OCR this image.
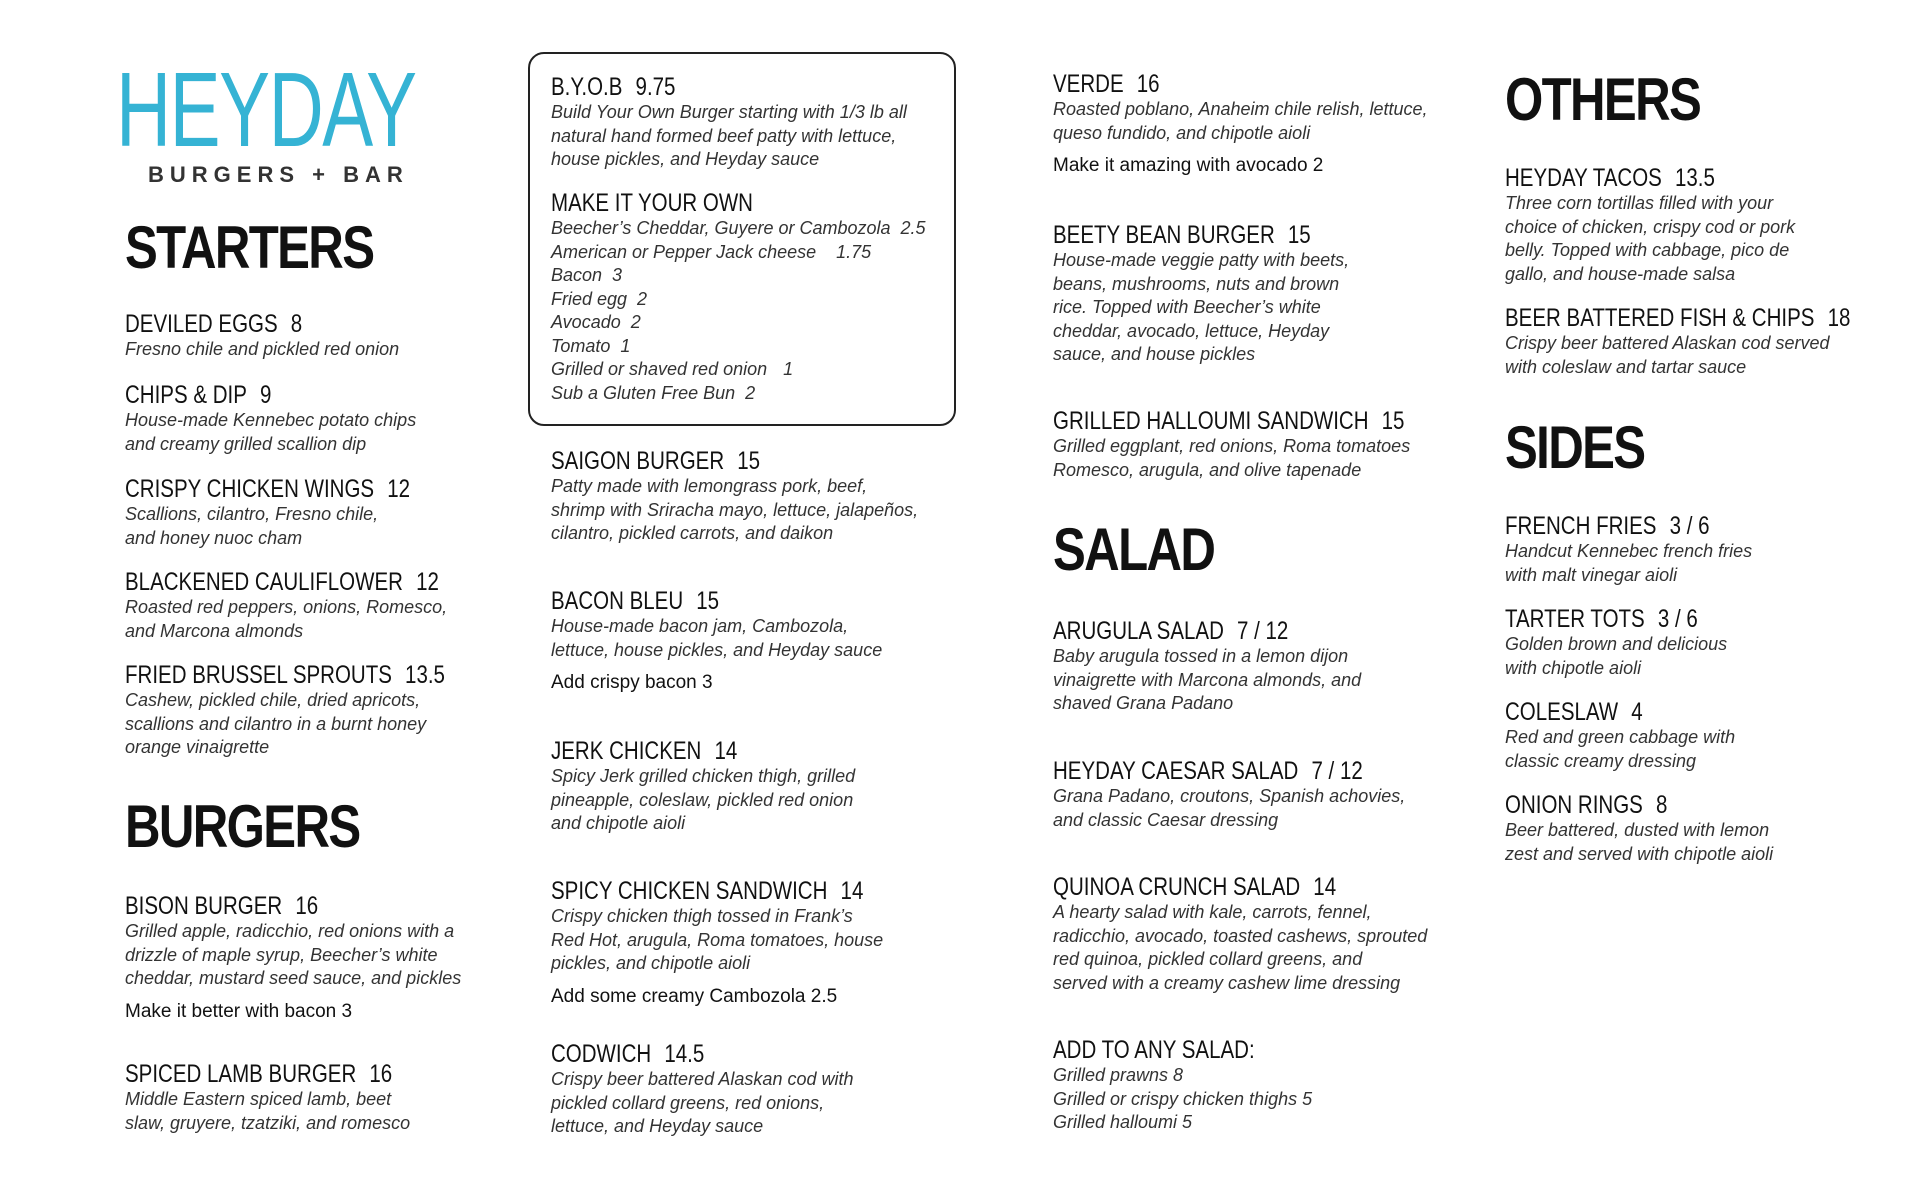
HEYDAY
BURGERS + BAR
STARTERS
DEVILED EGGS 8
Fresno chile and pickled red onion
CHIPS & DIP 9
House-made Kennebec potato chips
and creamy grilled scallion dip
CRISPY CHICKEN WINGS 12
Scallions, cilantro, Fresno chile,
and honey nuoc cham
BLACKENED CAULIFLOWER 12
Roasted red peppers, onions, Romesco,
and Marcona almonds
FRIED BRUSSEL SPROUTS 13.5
Cashew, pickled chile, dried apricots,
scallions and cilantro in a burnt honey
orange vinaigrette
BURGERS
BISON BURGER 16
Grilled apple, radicchio, red onions with a
drizzle of maple syrup, Beecher’s white
cheddar, mustard seed sauce, and pickles
Make it better with bacon 3
SPICED LAMB BURGER 16
Middle Eastern spiced lamb, beet
slaw, gruyere, tzatziki, and romesco
B.Y.O.B 9.75
Build Your Own Burger starting with 1/3 lb all
natural hand formed beef patty with lettuce,
house pickles, and Heyday sauce
MAKE IT YOUR OWN
Beecher’s Cheddar, Guyere or Cambozola 2.5
American or Pepper Jack cheese 1.75
Bacon 3
Fried egg 2
Avocado 2
Tomato 1
Grilled or shaved red onion 1
Sub a Gluten Free Bun 2
SAIGON BURGER 15
Patty made with lemongrass pork, beef,
shrimp with Sriracha mayo, lettuce, jalapeños,
cilantro, pickled carrots, and daikon
BACON BLEU 15
House-made bacon jam, Cambozola,
lettuce, house pickles, and Heyday sauce
Add crispy bacon 3
JERK CHICKEN 14
Spicy Jerk grilled chicken thigh, grilled
pineapple, coleslaw, pickled red onion
and chipotle aioli
SPICY CHICKEN SANDWICH 14
Crispy chicken thigh tossed in Frank’s
Red Hot, arugula, Roma tomatoes, house
pickles, and chipotle aioli
Add some creamy Cambozola 2.5
CODWICH 14.5
Crispy beer battered Alaskan cod with
pickled collard greens, red onions,
lettuce, and Heyday sauce
VERDE 16
Roasted poblano, Anaheim chile relish, lettuce,
queso fundido, and chipotle aioli
Make it amazing with avocado 2
BEETY BEAN BURGER 15
House-made veggie patty with beets,
beans, mushrooms, nuts and brown
rice. Topped with Beecher’s white
cheddar, avocado, lettuce, Heyday
sauce, and house pickles
GRILLED HALLOUMI SANDWICH 15
Grilled eggplant, red onions, Roma tomatoes
Romesco, arugula, and olive tapenade
SALAD
ARUGULA SALAD 7 / 12
Baby arugula tossed in a lemon dijon
vinaigrette with Marcona almonds, and
shaved Grana Padano
HEYDAY CAESAR SALAD 7 / 12
Grana Padano, croutons, Spanish achovies,
and classic Caesar dressing
QUINOA CRUNCH SALAD 14
A hearty salad with kale, carrots, fennel,
radicchio, avocado, toasted cashews, sprouted
red quinoa, pickled collard greens, and
served with a creamy cashew lime dressing
ADD TO ANY SALAD:
Grilled prawns 8
Grilled or crispy chicken thighs 5
Grilled halloumi 5
OTHERS
HEYDAY TACOS 13.5
Three corn tortillas filled with your
choice of chicken, crispy cod or pork
belly. Topped with cabbage, pico de
gallo, and house-made salsa
BEER BATTERED FISH & CHIPS 18
Crispy beer battered Alaskan cod served
with coleslaw and tartar sauce
SIDES
FRENCH FRIES 3 / 6
Handcut Kennebec french fries
with malt vinegar aioli
TARTER TOTS 3 / 6
Golden brown and delicious
with chipotle aioli
COLESLAW 4
Red and green cabbage with
classic creamy dressing
ONION RINGS 8
Beer battered, dusted with lemon
zest and served with chipotle aioli
